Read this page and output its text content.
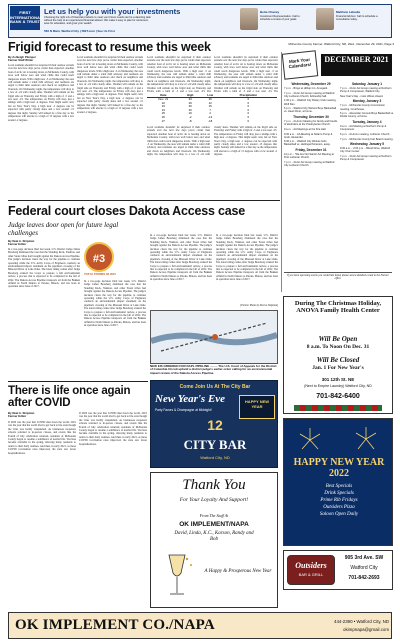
FIRST INTERNATIONAL BANK & TRUST
Let us help you with your investments
Choosing the right mix of financial products to meet your future needs can be a daunting task without the help of an experienced financial advisor. We make it easy to plan for retirement, save for education, and grow your wealth.
566 N Main, Watford City | FIBT.com | See Us First
Bette Chaney
Investment Representative. Call to schedule a review of your goals.
Matthew Labadie
Financial Advisor. Call to schedule a consultation today.
Frigid forecast to resume this week	McKenzie County Farmer, Watford City, ND, Wed., December 29, 2021, Page 3
By Ashleigh Plumper
Farmer Staff Writer
Local residents shouldn't be surprised if their outdoor errands over the next few days prove colder than expected. Another bout of arctic air is bearing down on McKenzie County, with lows well below zero and wind chills that could reach dangerous levels. With a high near -5 on Wednesday, the area will remain under a wind chill advisory and residents are urged to limit time outdoors and check on neighbors and livestock. On Wednesday night, the temperature will drop to a low of -24 with cloudy skies. Weather will remain on the frigid side on Thursday and Friday with a high of -5 and a low near -23. The temperature on Friday will drop just a smidge with a high near -4 degrees. That might seem cold, but on New Year's Day, a high near -1 degrees can be expected with partly cloudy skies and a low around -15 degrees that night. Sunday will indeed be a fine day as the temperature will elevate to a high of 15 degrees with a low around -2 degrees.
Local residents shouldn't be surprised if their outdoor errands over the next few days prove colder than expected. Another bout of arctic air is bearing down on McKenzie County, with lows well below zero and wind chills that could reach dangerous levels. With a high near -5 on Wednesday, the area will remain under a wind chill advisory and residents are urged to limit time outdoors and check on neighbors and livestock. On Wednesday night, the temperature will drop to a low of -24 with cloudy skies. Weather will remain on the frigid side on Thursday and Friday with a high of -5 and a low near -23. The temperature on Friday will drop just a smidge with a high near -4 degrees. That might seem cold, but on New Year's Day, a high near -1 degrees can be expected with partly cloudy skies and a low around -15 degrees that night. Sunday will indeed be a fine day as the temperature will elevate to a high of 15 degrees with a low around -2 degrees.
Local residents shouldn't be surprised if their outdoor errands over the next few days prove colder than expected. Another bout of arctic air is bearing down on McKenzie County, with lows well below zero and wind chills that could reach dangerous levels. With a high near -5 on Wednesday, the area will remain under a wind chill advisory and residents are urged to limit time outdoors and check on neighbors and livestock. On Wednesday night, the temperature will drop to a low of -24 with cloudy skies. Weather will remain on the frigid side on Thursday and Friday with a high of -5 and a low near -23. The
Local residents shouldn't be surprised if their outdoor errands over the next few days prove colder than expected. Another bout of arctic air is bearing down on McKenzie County, with lows well below zero and wind chills that could reach dangerous levels. With a high near -5 on Wednesday, the area will remain under a wind chill advisory and residents are urged to limit time outdoors and check on neighbors and livestock. On Wednesday night, the temperature will drop to a low of -24 with cloudy skies. Weather will remain on the frigid side on Thursday and Friday with a high of -5 and a low near -23. The
Date	High	Low	Precipitation
Dec. 21	33	26	0
22	29	12	0
23	30	15	0
24	26	7	0
25	19	2	0
26	-2	-13	0
27	-8	-18	0
Local residents shouldn't be surprised if their outdoor errands over the next few days prove colder than expected. Another bout of arctic air is bearing down on McKenzie County, with lows well below zero and wind chills that could reach dangerous levels. With a high near -5 on Wednesday, the area will remain under a wind chill advisory and residents are urged to limit time outdoors and check on neighbors and livestock. On Wednesday night, the temperature will drop to a low of -24 with cloudy skies. Weather will remain on the frigid side on Thursday and Friday with a high of -5 and a low near -23. The temperature on Friday will drop just a smidge with a high near -4 degrees. That might seem cold, but on New Year's Day, a high near -1 degrees can be expected with partly cloudy skies and a low around -15 degrees that night. Sunday will indeed be a fine day as the temperature will elevate to a high of 15 degrees with a low around -2 degrees.
Mark Your Calendars!
DECEMBER 2021
Wednesday, December 29
7 p.m. - Bingo at Hilltop Inn, Arnegard.
7 p.m. - 24-Hr AA Group meeting at Watford City Lutheran Church, fellowship hall.
1:30 p.m. - Watford City Rotary Club meeting, Wolf Den.
5 p.m. - Watford City Wolves Boys Basketball vs. Heart River, at home.
Thursday, December 30
7 p.m. - Al-Anon Meeting for family and friends of alcoholics at the Presbyterian Church.
9 a.m. - AA Meetings at the Fire Hall.
9:30 a.m. - AA Meeting at Nolan's Pump & Grub, Alexander.
6:30 p.m. - Watford City Wolves Girls Basketball vs. Hettinger/Scranton, away.
Friday, December 31
12 p.m. - 'We Are Not Saints' AA Meeting at First Lutheran Church.
7 p.m. - 24-Hr AA Group meeting at Watford City Lutheran Church.
Saturday, January 1
7 p.m. - 24-Hr AA Group meeting at Northern Pump & Compressor, Watford City.
New Year's Day - most offices closed.
Monday, January 3
7 p.m. - McKenzie County Commission meeting, Courthouse.
6 p.m. - Alexander Comets Boys Basketball vs. Divide County, at home.
Tuesday, January 4
9 a.m. - AA Meeting at Northern Pump & Compressor.
6 p.m. - Al-Anon meeting, Lutheran Church.
7 p.m. - McKenzie County Fair Board meeting.
Wednesday, January 5
9:30 a.m. - 2:00 p.m. - Blood Drive, Watford City Civic Center.
7 p.m. - 24-Hr AA Group meeting at Northern Pump & Compressor.
If you have upcoming events you would like listed, please send a detailed e-mail to the Farmer office.
Federal court closes Dakota Access case
Judge leaves door open for future legal challenges
By Neal A. Shipman
Farmer Editor
#3
TOP 10 STORIES OF 2021
In a two-page decision filed last week, U.S. District Judge James Boasberg dismissed the case that the Standing Rock, Yankton, and other Sioux tribes had brought against the Dakota Access Pipeline. The judge's decision clears the way for the pipeline to continue operating while the U.S. Army Corps of Engineers conducts an environmental impact statement on the pipeline's crossing of the Missouri River at Lake Oahe. The latest ruling comes after Judge Boasberg ordered the Corps to prepare a full environmental review, a process that is expected to be completed in the fall of 2022. The Dakota Access Pipeline transports oil from the Bakken oilfield in North Dakota to Patoka, Illinois, and has been in operation since June of 2017.
In a two-page decision filed last week, U.S. District Judge James Boasberg dismissed the case that the Standing Rock, Yankton, and other Sioux tribes had brought against the Dakota Access Pipeline. The judge's decision clears the way for the pipeline to continue operating while the U.S. Army Corps of Engineers conducts an environmental impact statement on the pipeline's crossing of the Missouri River at Lake Oahe. The latest ruling comes after Judge Boasberg ordered the Corps to prepare a full environmental review, a process that is expected to be completed in the fall of 2022. The Dakota Access Pipeline transports oil from the Bakken oilfield in North Dakota to Patoka, Illinois, and has been in operation since June of 2017.
In a two-page decision filed last week, U.S. District Judge James Boasberg dismissed the case that the Standing Rock, Yankton, and other Sioux tribes had brought against the Dakota Access Pipeline. The judge's decision clears the way for the pipeline to continue operating while the U.S. Army Corps of Engineers conducts an environmental impact statement on the pipeline's crossing of the Missouri River at Lake Oahe. The latest ruling comes after Judge Boasberg ordered the Corps to prepare a full environmental review, a process that is expected to be completed in the fall of 2022. The Dakota Access Pipeline transports oil from the Bakken oilfield in North Dakota to Patoka, Illinois, and has been in operation since June of 2017.
In a two-page decision filed last week, U.S. District Judge James Boasberg dismissed the case that the Standing Rock, Yankton, and other Sioux tribes had brought against the Dakota Access Pipeline. The judge's decision clears the way for the pipeline to continue operating while the U.S. Army Corps of Engineers conducts an environmental impact statement on the pipeline's crossing of the Missouri River at Lake Oahe. The latest ruling comes after Judge Boasberg ordered the Corps to prepare a full environmental review, a process that is expected to be completed in the fall of 2022. The Dakota Access Pipeline transports oil from the Bakken oilfield in North Dakota to Patoka, Illinois, and has been in operation since June of 2017.
(Farmer Photo by Neal A. Shipman)
NEW EIS ORDERED FOR DAPL PIPELINE ......... The U.S. Court of Appeals for the District of Columbia Circuit upheld a district judge's earlier order calling for an environmental impact review of the Dakota Access Pipeline.
There is life once again after COVID
By Neal A. Shipman
Farmer Editor
If 2020 was the year that COVID shut down the world, 2021 was the year that the world tried to get back to life even though the virus was hardly vanquished. As businesses reopened, schools returned to in-person classes, and events like the Fourth of July celebration returned, residents of McKenzie County began to resume a semblance of normal life. Vaccines became available in the spring, allowing many residents to return to their daily routines. And then, in early 2021, as those COVID vaccination rates improved, the state saw fewer hospitalizations.
If 2020 was the year that COVID shut down the world, 2021 was the year that the world tried to get back to life even though the virus was hardly vanquished. As businesses reopened, schools returned to in-person classes, and events like the Fourth of July celebration returned, residents of McKenzie County began to resume a semblance of normal life. Vaccines became available in the spring, allowing many residents to return to their daily routines. And then, in early 2021, as those COVID vaccination rates improved, the state saw fewer hospitalizations.
Come Join Us At The City Bar
New Year's Eve
Party Favors & Champagne at Midnight!
HAPPY NEW YEAR
12
CITY BAR
Watford City, ND
Thank You
For Your Loyalty And Support!
From The Staff At
OK IMPLEMENT/NAPA
David, Linda, K.C., Karson, Randy and Bob
A Happy & Prosperous New Year
During The Christmas Holiday, ANOVA Family Health Center
Will Be Open
8 a.m. To Noon On Dec. 31
Will Be Closed
Jan. 1 For New Year's
301 12th St. NE
(Next to Empire Laundry) Watford City, ND
701-842-6400
HAPPY NEW YEAR 2022
Best Specials
Drink Specials
Prime Rib Fridays
Outsiders Pizza
Saloon Open Daily
Outsiders
BAR & GRILL
905 3rd Ave. SW
Watford City
701-842-2693
OK IMPLEMENT CO./NAPA	444-2390 • Watford City, ND
okimpnapa@gmail.com
